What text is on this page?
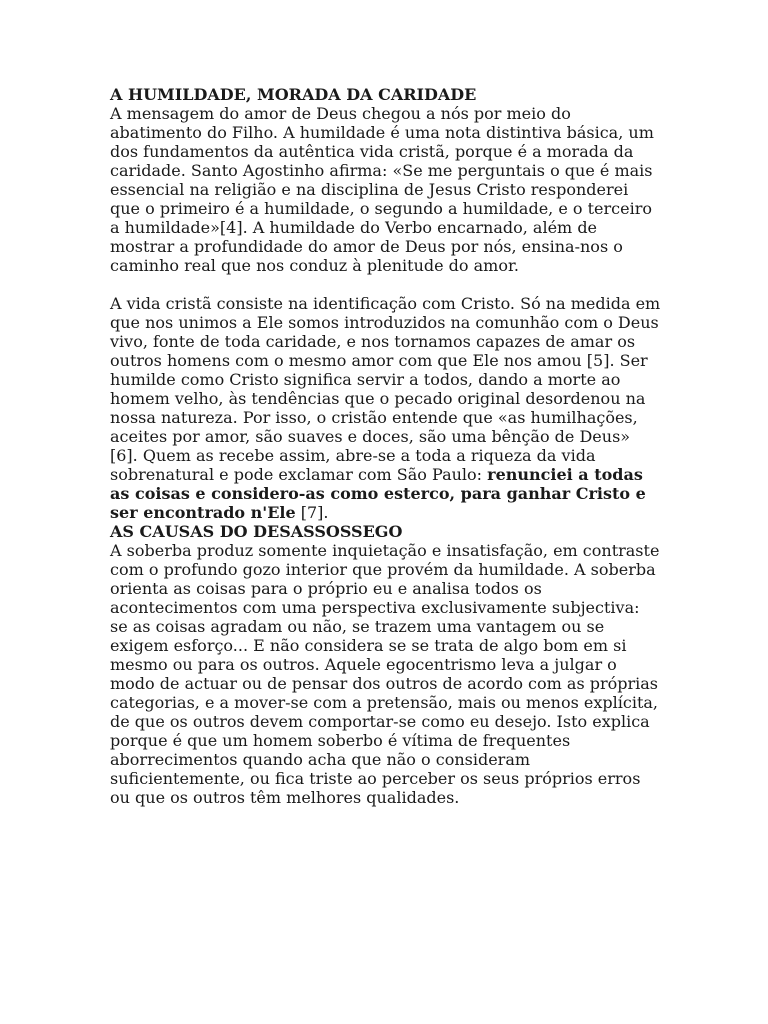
A HUMILDADE, MORADA DA CARIDADE

A mensagem do amor de Deus chegou a nós por meio do abatimento do Filho. A humildade é uma nota distintiva básica, um dos fundamentos da autêntica vida cristã, porque é a morada da caridade. Santo Agostinho afirma: «Se me perguntais o que é mais essencial na religião e na disciplina de Jesus Cristo responderei que o primeiro é a humildade, o segundo a humildade, e o terceiro a humildade»[4]. A humildade do Verbo encarnado, além de mostrar a profundidade do amor de Deus por nós, ensina-nos o caminho real que nos conduz à plenitude do amor.

A vida cristã consiste na identificação com Cristo. Só na medida em que nos unimos a Ele somos introduzidos na comunhão com o Deus vivo, fonte de toda caridade, e nos tornamos capazes de amar os outros homens com o mesmo amor com que Ele nos amou [5]. Ser humilde como Cristo significa servir a todos, dando a morte ao homem velho, às tendências que o pecado original desordenou na nossa natureza. Por isso, o cristão entende que «as humilhações, aceites por amor, são suaves e doces, são uma bênção de Deus» [6]. Quem as recebe assim, abre-se a toda a riqueza da vida sobrenatural e pode exclamar com São Paulo: renunciei a todas as coisas e considero-as como esterco, para ganhar Cristo e ser encontrado n'Ele [7].

AS CAUSAS DO DESASSOSSEGO

A soberba produz somente inquietação e insatisfação, em contraste com o profundo gozo interior que provém da humildade. A soberba orienta as coisas para o próprio eu e analisa todos os acontecimentos com uma perspectiva exclusivamente subjectiva: se as coisas agradam ou não, se trazem uma vantagem ou se exigem esforço... E não considera se se trata de algo bom em si mesmo ou para os outros. Aquele egocentrismo leva a julgar o modo de actuar ou de pensar dos outros de acordo com as próprias categorias, e a mover-se com a pretensão, mais ou menos explícita, de que os outros devem comportar-se como eu desejo. Isto explica porque é que um homem soberbo é vítima de frequentes aborrecimentos quando acha que não o consideram suficientemente, ou fica triste ao perceber os seus próprios erros ou que os outros têm melhores qualidades.
